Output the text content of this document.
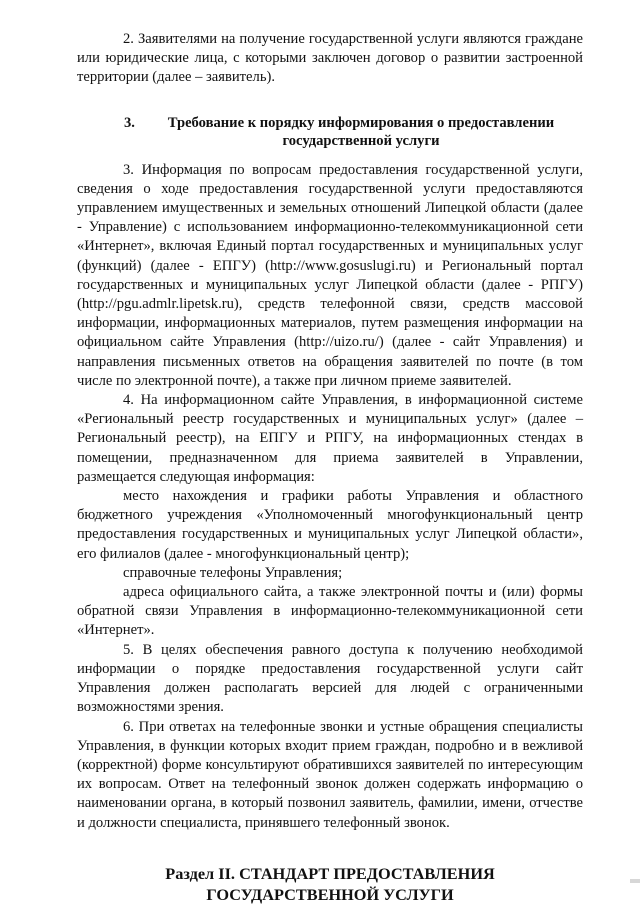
2. Заявителями на получение государственной услуги являются граждане или юридические лица, с которыми заключен договор о развитии застроенной территории (далее – заявитель).

3.	Требование к порядку информирования о предоставлении государственной услуги

3. Информация по вопросам предоставления государственной услуги, сведения о ходе предоставления государственной услуги предоставляются управлением имущественных и земельных отношений Липецкой области (далее - Управление) с использованием информационно-телекоммуникационной сети «Интернет», включая Единый портал государственных и муниципальных услуг (функций) (далее - ЕПГУ) (http://www.gosuslugi.ru) и Региональный портал государственных и муниципальных услуг Липецкой области (далее - РПГУ) (http://pgu.admlr.lipetsk.ru), средств телефонной связи, средств массовой информации, информационных материалов, путем размещения информации на официальном сайте Управления (http://uizo.ru/) (далее - сайт Управления) и направления письменных ответов на обращения заявителей по почте (в том числе по электронной почте), а также при личном приеме заявителей.

4. На информационном сайте Управления, в информационной системе «Региональный реестр государственных и муниципальных услуг» (далее – Региональный реестр), на ЕПГУ и РПГУ, на информационных стендах в помещении, предназначенном для приема заявителей в Управлении, размещается следующая информация:

место нахождения и графики работы Управления и областного бюджетного учреждения «Уполномоченный многофункциональный центр предоставления государственных и муниципальных услуг Липецкой области», его филиалов (далее - многофункциональный центр);

справочные телефоны Управления;

адреса официального сайта, а также электронной почты и (или) формы обратной связи Управления в информационно-телекоммуникационной сети «Интернет».

5. В целях обеспечения равного доступа к получению необходимой информации о порядке предоставления государственной услуги сайт Управления должен располагать версией для людей с ограниченными возможностями зрения.

6. При ответах на телефонные звонки и устные обращения специалисты Управления, в функции которых входит прием граждан, подробно и в вежливой (корректной) форме консультируют обратившихся заявителей по интересующим их вопросам. Ответ на телефонный звонок должен содержать информацию о наименовании органа, в который позвонил заявитель, фамилии, имени, отчестве и должности специалиста, принявшего телефонный звонок.

Раздел II. СТАНДАРТ ПРЕДОСТАВЛЕНИЯ ГОСУДАРСТВЕННОЙ УСЛУГИ
